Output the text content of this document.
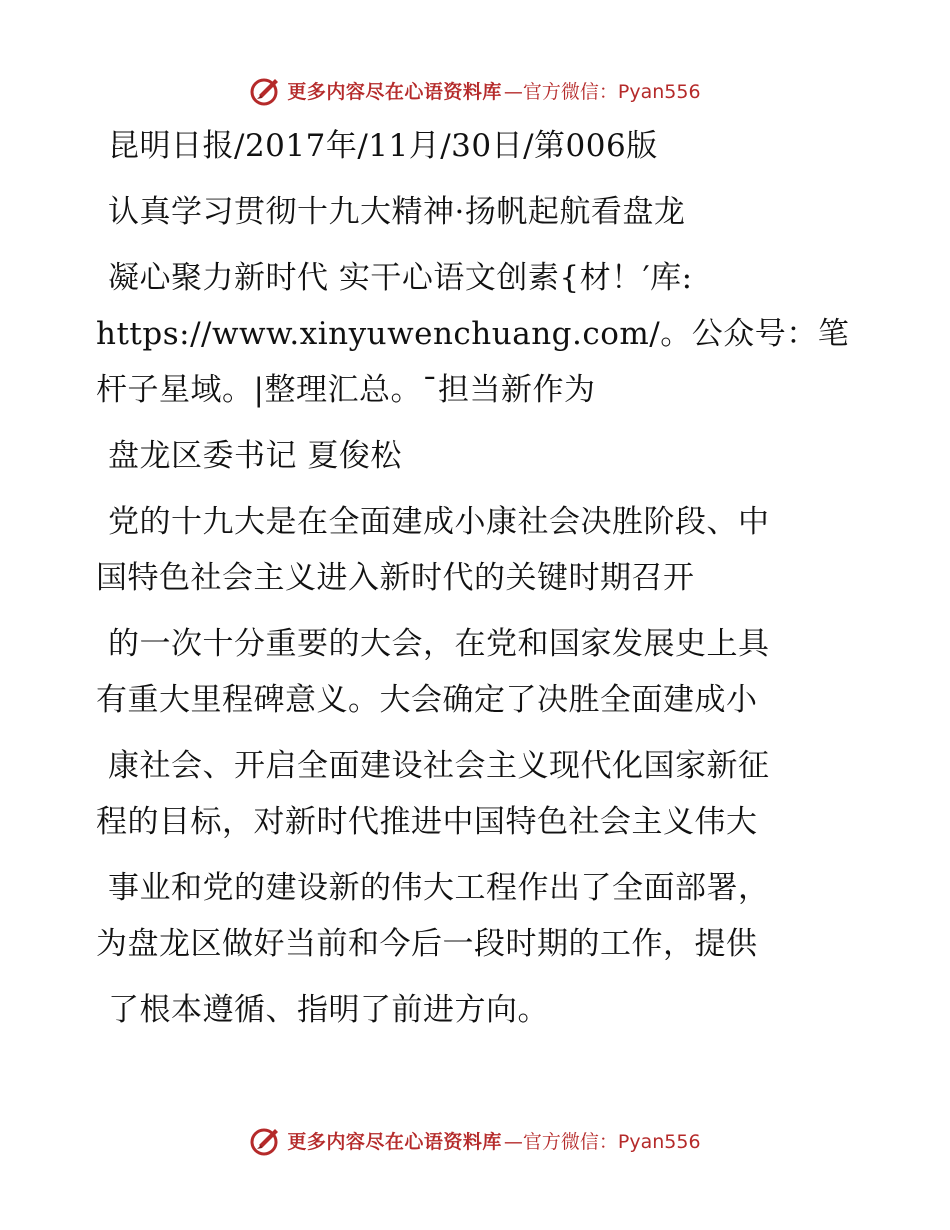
更多内容尽在心语资料库 —官方微信：Pyan556
昆明日报/2017年/11月/30日/第006版
认真学习贯彻十九大精神·扬帆起航看盘龙
凝心聚力新时代 实干心语文创素{材！′库:
https://www.xinyuwenchuang.com/。公众号：笔
杆子星域。|整理汇总。¯担当新作为
盘龙区委书记 夏俊松
党的十九大是在全面建成小康社会决胜阶段、中
国特色社会主义进入新时代的关键时期召开
的一次十分重要的大会，在党和国家发展史上具
有重大里程碑意义。大会确定了决胜全面建成小
康社会、开启全面建设社会主义现代化国家新征
程的目标，对新时代推进中国特色社会主义伟大
事业和党的建设新的伟大工程作出了全面部署，
为盘龙区做好当前和今后一段时期的工作，提供
了根本遵循、指明了前进方向。
更多内容尽在心语资料库 —官方微信：Pyan556
